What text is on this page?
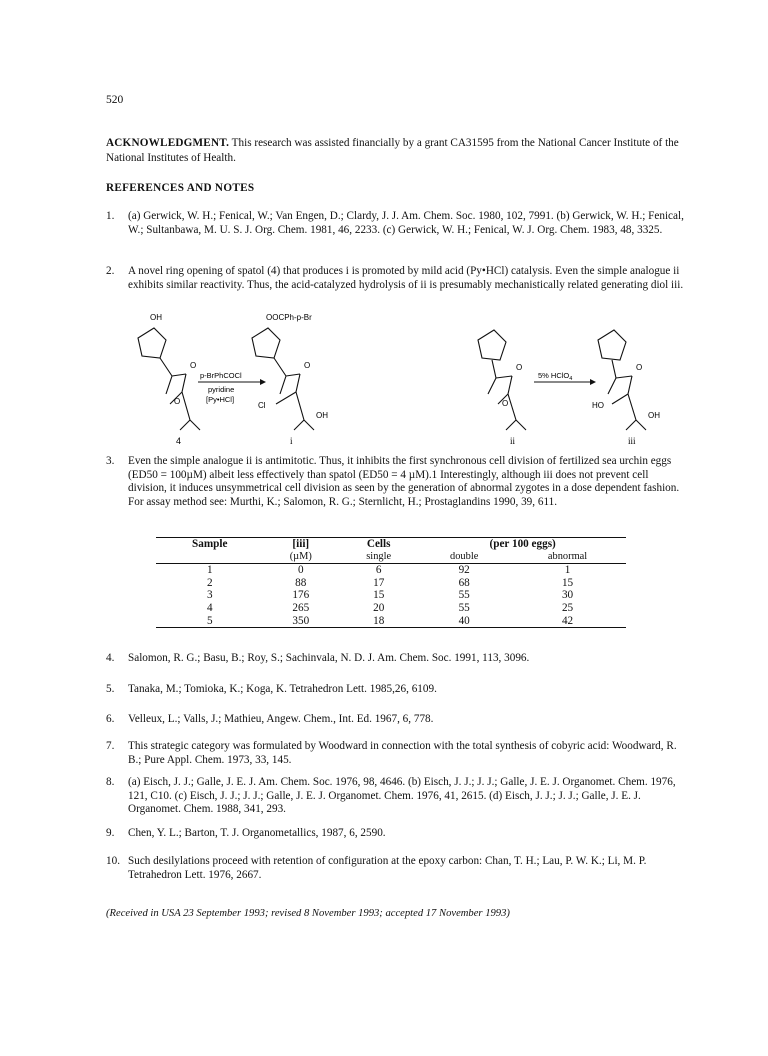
520
ACKNOWLEDGMENT. This research was assisted financially by a grant CA31595 from the National Cancer Institute of the National Institutes of Health.
REFERENCES AND NOTES
1.	(a) Gerwick, W. H.; Fenical, W.; Van Engen, D.; Clardy, J. J. Am. Chem. Soc. 1980, 102, 7991. (b) Gerwick, W. H.; Fenical, W.; Sultanbawa, M. U. S. J. Org. Chem. 1981, 46, 2233. (c) Gerwick, W. H.; Fenical, W. J. Org. Chem. 1983, 48, 3325.
2.	A novel ring opening of spatol (4) that produces i is promoted by mild acid (Py•HCl) catalysis. Even the simple analogue ii exhibits similar reactivity. Thus, the acid-catalyzed hydrolysis of ii is presumably mechanistically related generating diol iii.
OH
O
O
4
p-BrPhCOCl
pyridine
[Py•HCl]
OOCPh-p-Br
O
Cl
OH
i
O
O
ii
5% HClO$_4$
O
HO
OH
iii
3.	Even the simple analogue ii is antimitotic. Thus, it inhibits the first synchronous cell division of fertilized sea urchin eggs (ED50 = 100µM) albeit less effectively than spatol (ED50 = 4 µM).1 Interestingly, although iii does not prevent cell division, it induces unsymmetrical cell division as seen by the generation of abnormal zygotes in a dose dependent fashion. For assay method see: Murthi, K.; Salomon, R. G.; Sternlicht, H.; Prostaglandins 1990, 39, 611.
Sample	[iii]	Cells	(per 100 eggs)	
	(µM)	single	double	abnormal
1	0	6	92	1
2	88	17	68	15
3	176	15	55	30
4	265	20	55	25
5	350	18	40	42
4.	Salomon, R. G.; Basu, B.; Roy, S.; Sachinvala, N. D. J. Am. Chem. Soc. 1991, 113, 3096.
5.	Tanaka, M.; Tomioka, K.; Koga, K. Tetrahedron Lett. 1985,26, 6109.
6.	Velleux, L.; Valls, J.; Mathieu, Angew. Chem., Int. Ed. 1967, 6, 778.
7.	This strategic category was formulated by Woodward in connection with the total synthesis of cobyric acid: Woodward, R. B.; Pure Appl. Chem. 1973, 33, 145.
8.	(a) Eisch, J. J.; Galle, J. E. J. Am. Chem. Soc. 1976, 98, 4646. (b) Eisch, J. J.; J. J.; Galle, J. E. J. Organomet. Chem. 1976, 121, C10. (c) Eisch, J. J.; J. J.; Galle, J. E. J. Organomet. Chem. 1976, 41, 2615. (d) Eisch, J. J.; J. J.; Galle, J. E. J. Organomet. Chem. 1988, 341, 293.
9.	Chen, Y. L.; Barton, T. J. Organometallics, 1987, 6, 2590.
10. Such desilylations proceed with retention of configuration at the epoxy carbon: Chan, T. H.; Lau, P. W. K.; Li, M. P. Tetrahedron Lett. 1976, 2667.
(Received in USA 23 September 1993; revised 8 November 1993; accepted 17 November 1993)
